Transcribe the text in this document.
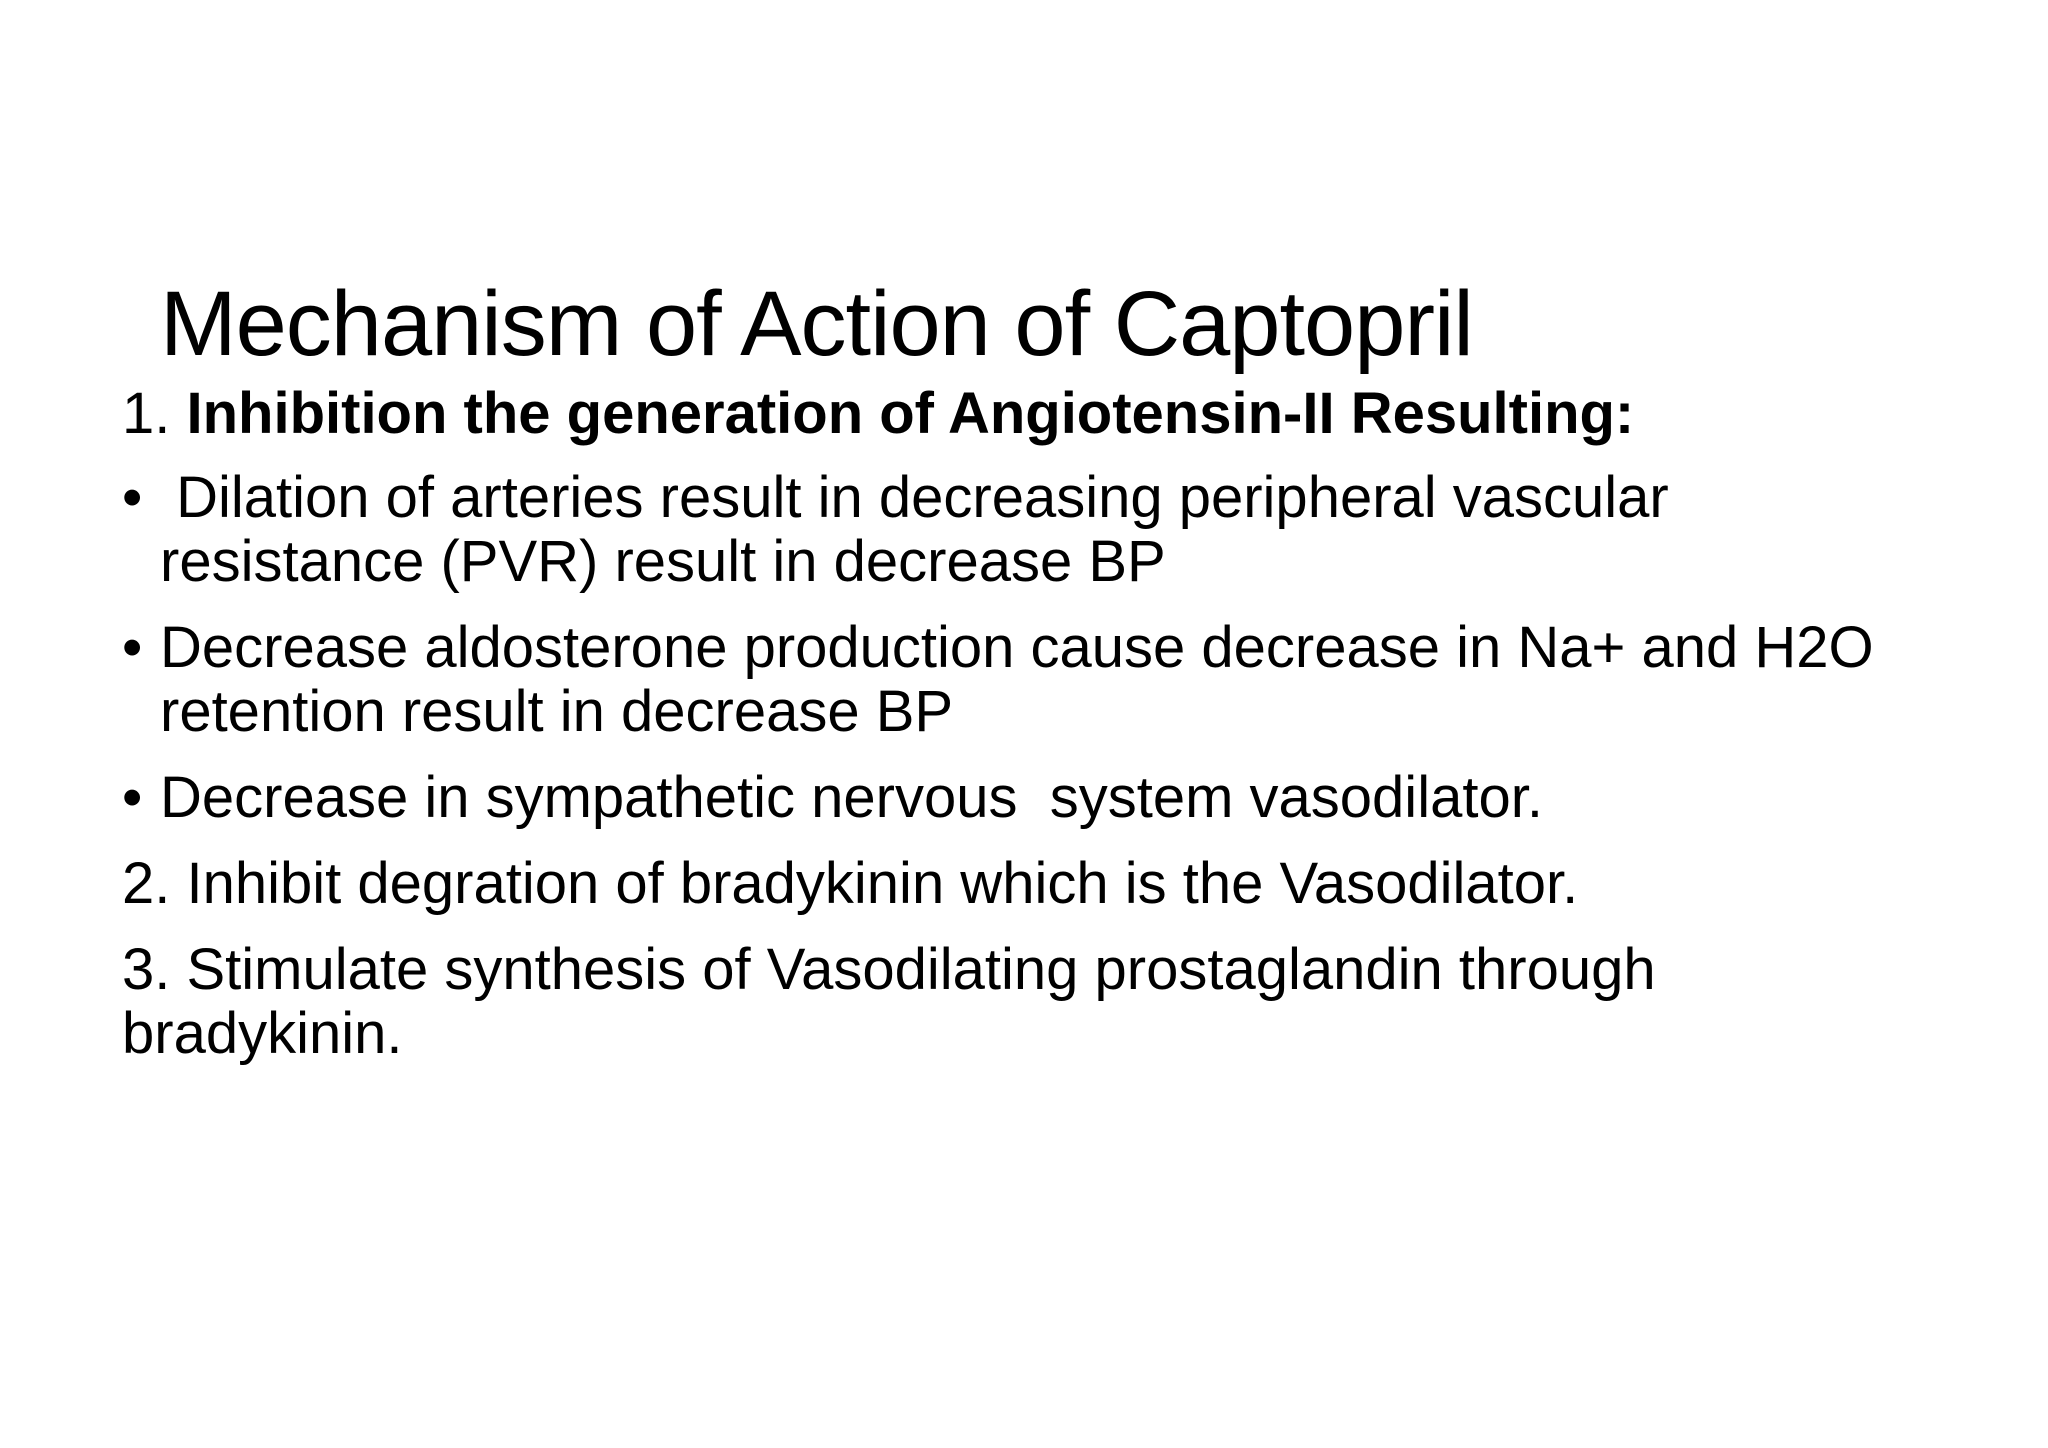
Mechanism of Action of Captopril

1. Inhibition the generation of Angiotensin-II Resulting:

• Dilation of arteries result in decreasing peripheral vascular resistance (PVR) result in decrease BP
• Decrease aldosterone production cause decrease in Na+ and H2O retention result in decrease BP
• Decrease in sympathetic nervous  system vasodilator.

2. Inhibit degration of bradykinin which is the Vasodilator.

3. Stimulate synthesis of Vasodilating prostaglandin through bradykinin.
